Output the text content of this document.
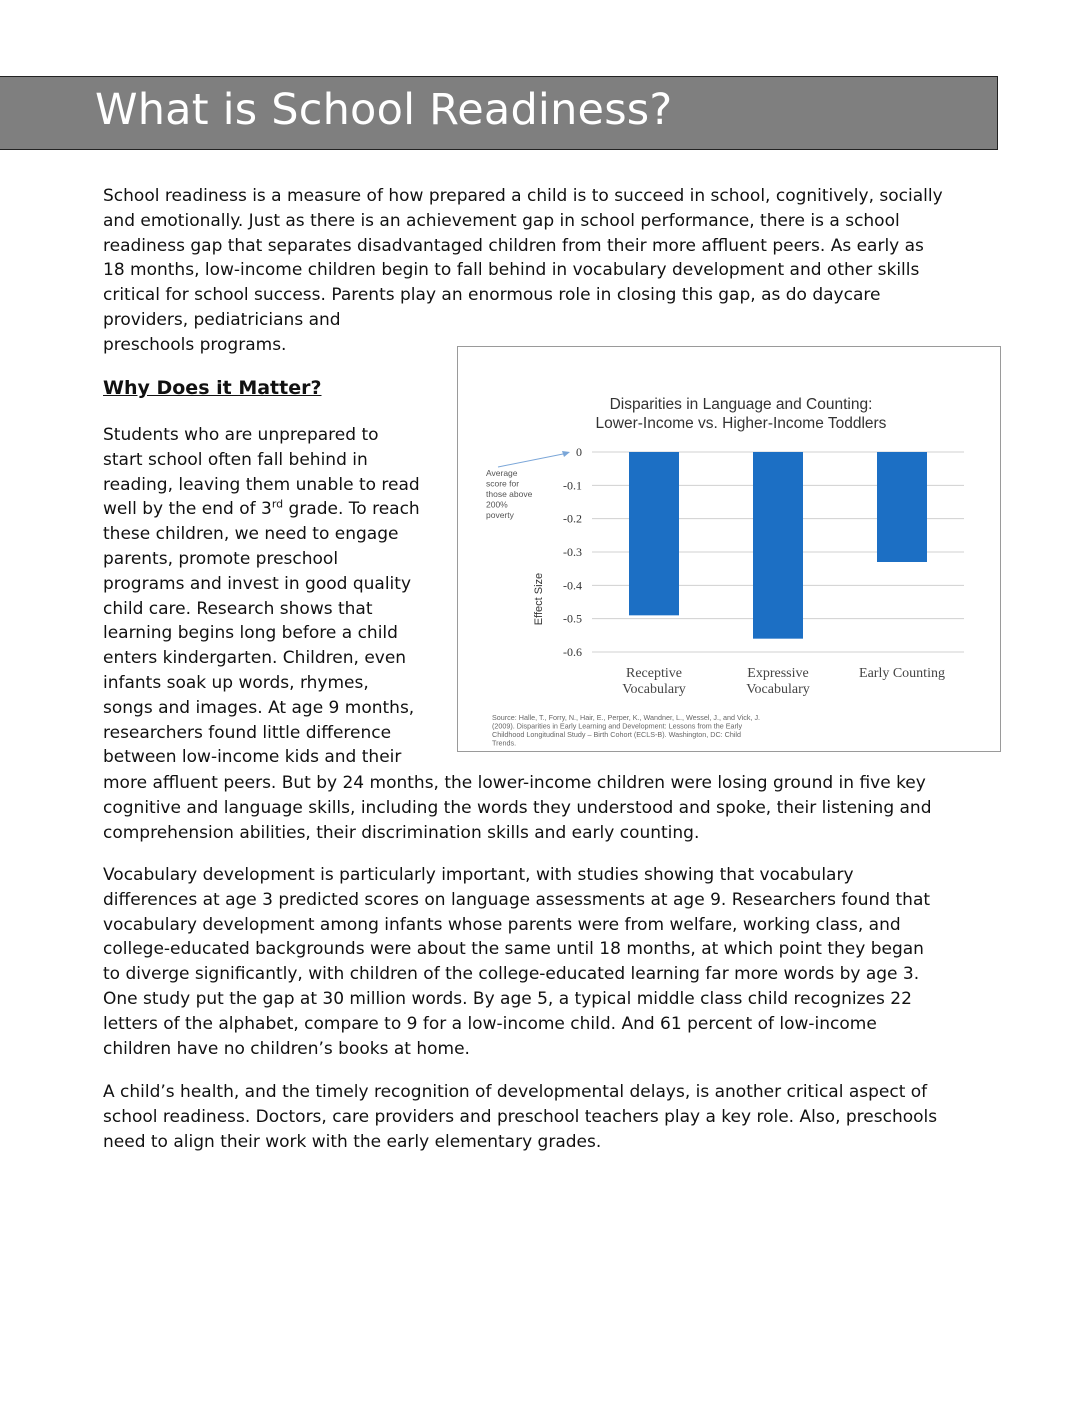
What is School Readiness?

School readiness is a measure of how prepared a child is to succeed in school, cognitively, socially
and emotionally. Just as there is an achievement gap in school performance, there is a school
readiness gap that separates disadvantaged children from their more affluent peers. As early as
18 months, low-income children begin to fall behind in vocabulary development and other skills
critical for school success. Parents play an enormous role in closing this gap, as do daycare
providers, pediatricians and
preschools programs.

Why Does it Matter?

Students who are unprepared to
start school often fall behind in
reading, leaving them unable to read
well by the end of 3rd grade. To reach
these children, we need to engage
parents, promote preschool
programs and invest in good quality
child care. Research shows that
learning begins long before a child
enters kindergarten. Children, even
infants soak up words, rhymes,
songs and images. At age 9 months,
researchers found little difference
between low-income kids and their

more affluent peers. But by 24 months, the lower-income children were losing ground in five key
cognitive and language skills, including the words they understood and spoke, their listening and
comprehension abilities, their discrimination skills and early counting.

Vocabulary development is particularly important, with studies showing that vocabulary
differences at age 3 predicted scores on language assessments at age 9. Researchers found that
vocabulary development among infants whose parents were from welfare, working class, and
college-educated backgrounds were about the same until 18 months, at which point they began
to diverge significantly, with children of the college-educated learning far more words by age 3.
One study put the gap at 30 million words. By age 5, a typical middle class child recognizes 22
letters of the alphabet, compare to 9 for a low-income child. And 61 percent of low-income
children have no children’s books at home.

A child’s health, and the timely recognition of developmental delays, is another critical aspect of
school readiness. Doctors, care providers and preschool teachers play a key role. Also, preschools
need to align their work with the early elementary grades.

Disparities in Language and Counting:
Lower-Income vs. Higher-Income Toddlers
0
-0.1
-0.2
-0.3
-0.4
-0.5
-0.6
Receptive
Vocabulary
Expressive
Vocabulary
Early Counting
Effect Size
Average
score for
those above
200%
poverty
Source: Halle, T., Forry, N., Hair, E., Perper, K., Wandner, L., Wessel, J., and Vick, J.
(2009). Disparities in Early Learning and Development: Lessons from the Early
Childhood Longitudinal Study – Birth Cohort (ECLS-B). Washington, DC: Child
Trends.
